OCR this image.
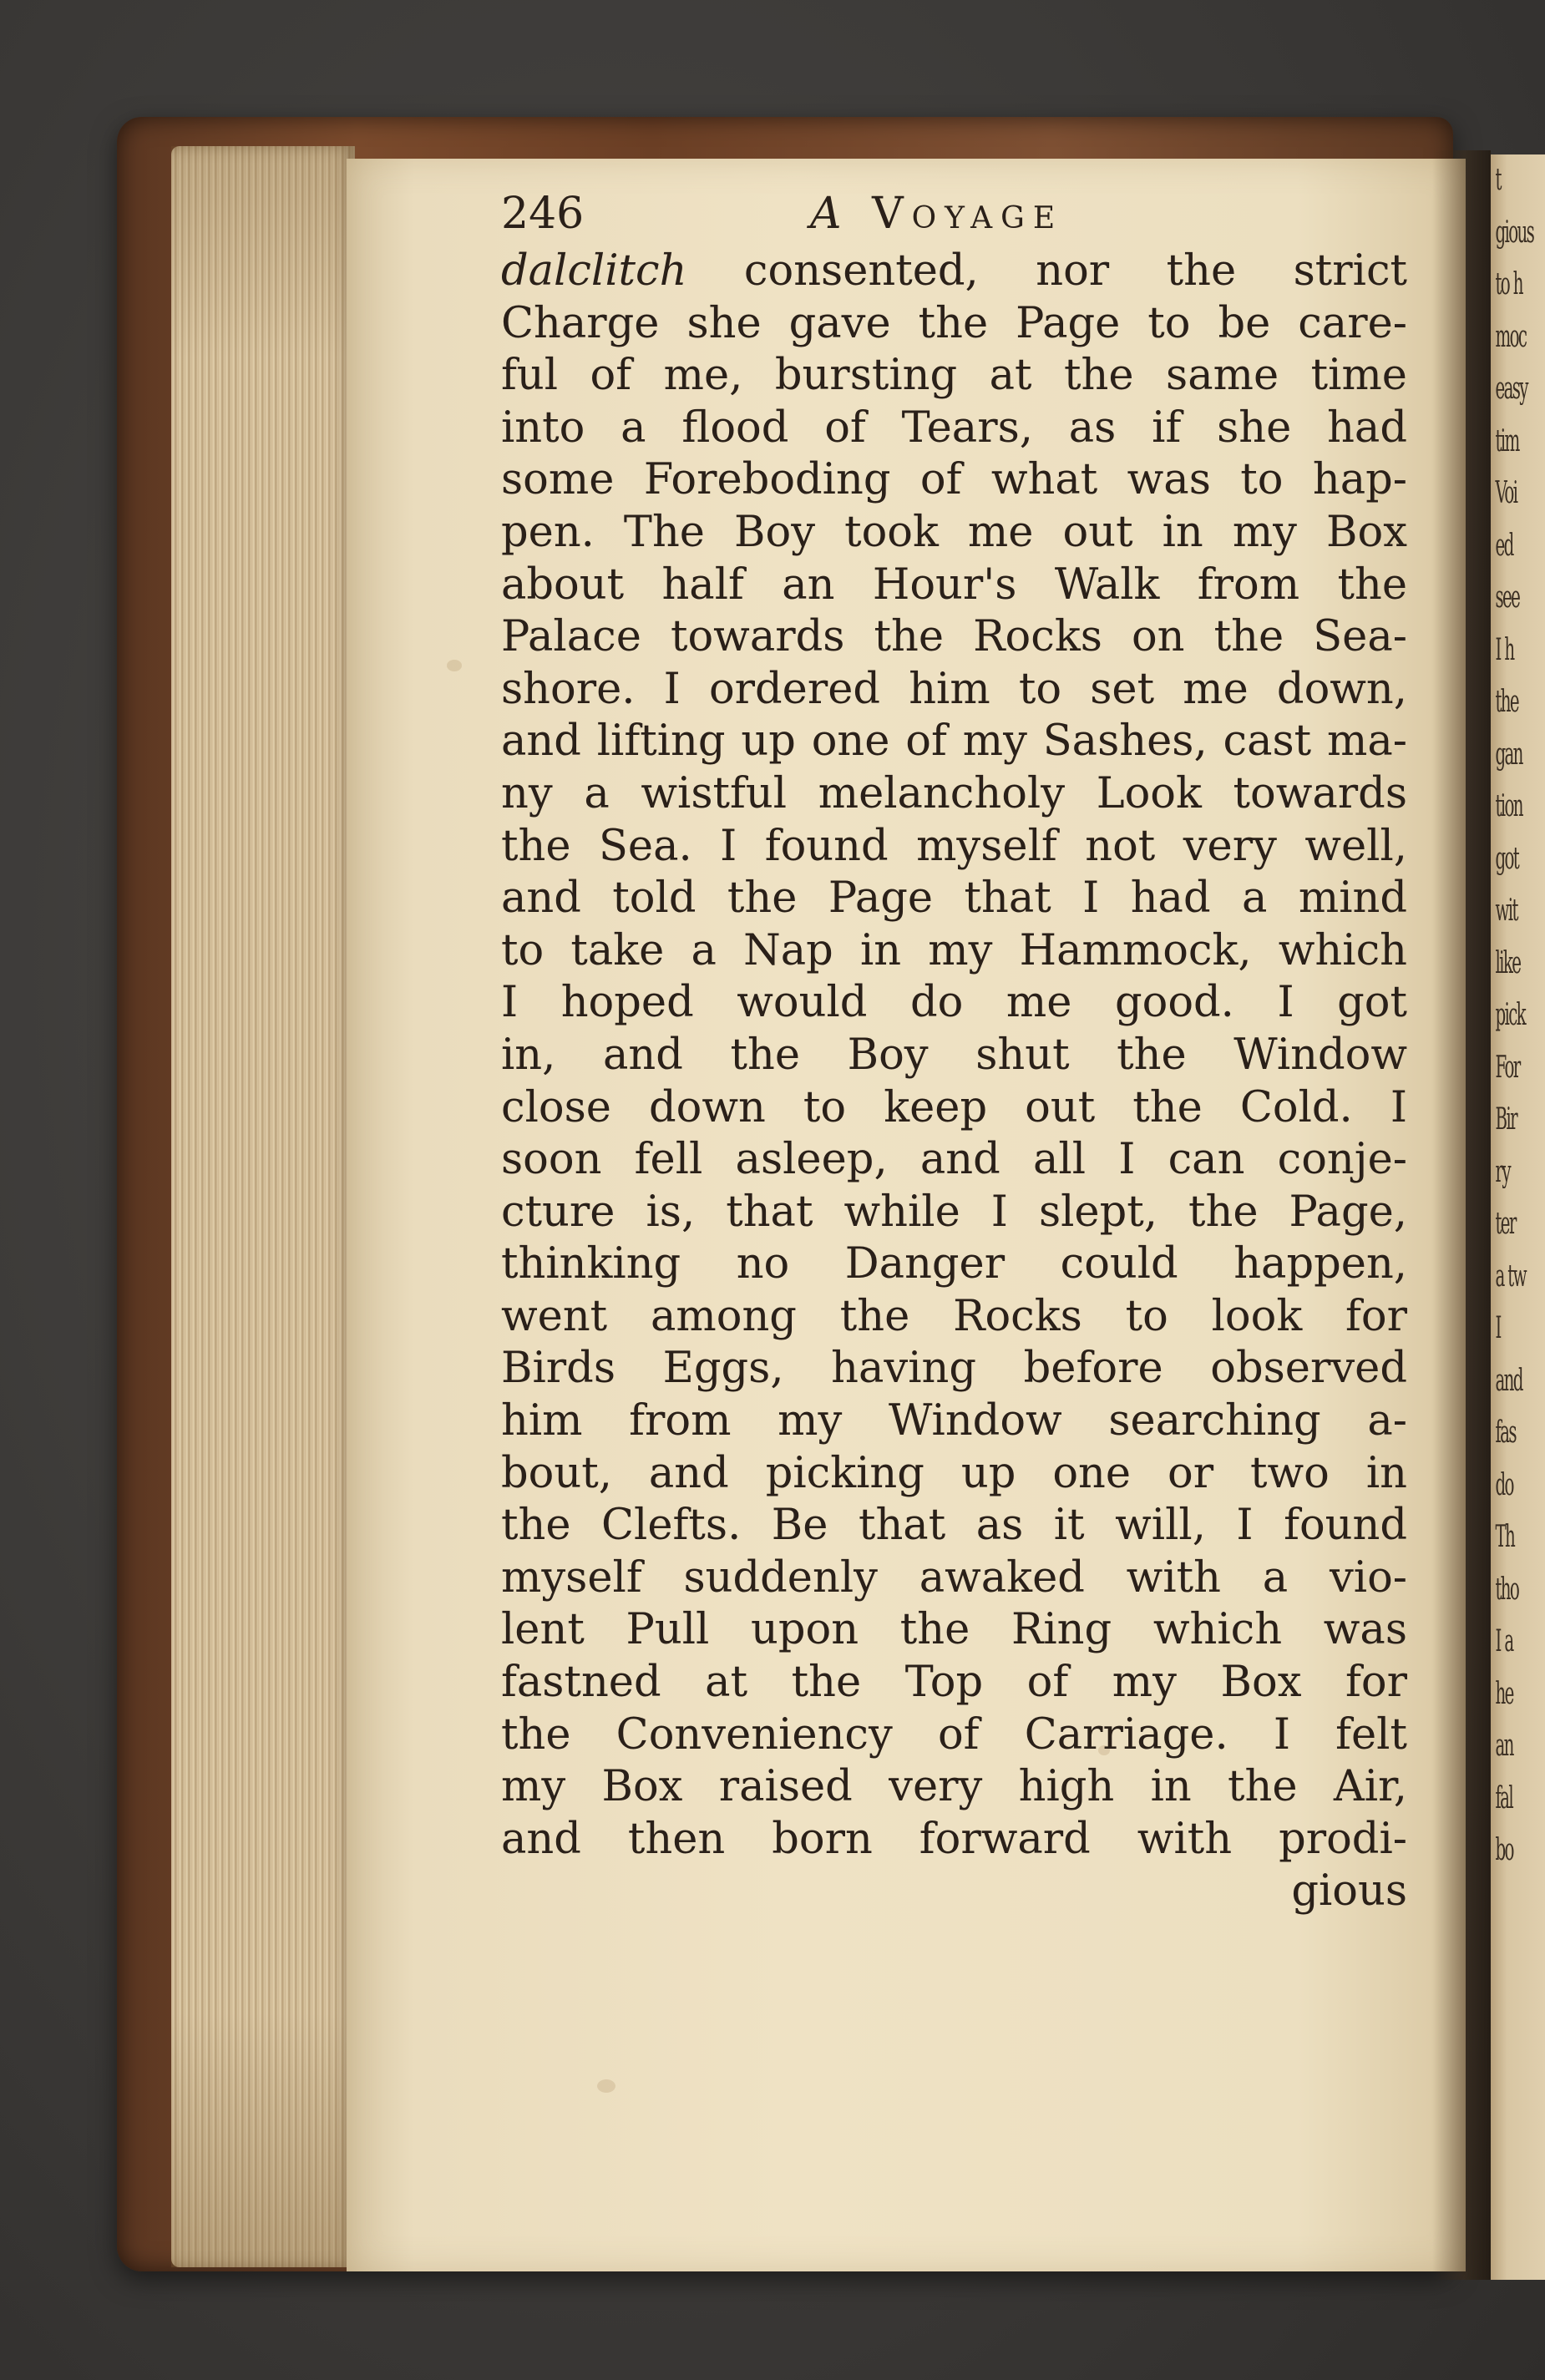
246	A Voyage
dalclitch consented, nor the strict
Charge she gave the Page to be care-
ful of me, bursting at the same time
into a flood of Tears, as if she had
some Foreboding of what was to hap-
pen. The Boy took me out in my Box
about half an Hour's Walk from the
Palace towards the Rocks on the Sea-
shore. I ordered him to set me down,
and lifting up one of my Sashes, cast ma-
ny a wistful melancholy Look towards
the Sea. I found myself not very well,
and told the Page that I had a mind
to take a Nap in my Hammock, which
I hoped would do me good. I got
in, and the Boy shut the Window
close down to keep out the Cold. I
soon fell asleep, and all I can conje-
cture is, that while I slept, the Page,
thinking no Danger could happen,
went among the Rocks to look for
Birds Eggs, having before observed
him from my Window searching a-
bout, and picking up one or two in
the Clefts. Be that as it will, I found
myself suddenly awaked with a vio-
lent Pull upon the Ring which was
fastned at the Top of my Box for
the Conveniency of Carriage. I felt
my Box raised very high in the Air,
and then born forward with prodi-
gious
t
gious
to h
moc
easy
tim
Voi
ed
see
I h
the
gan
tion
got
wit
like
pick
For
Bir
ry
ter
a tw
I
and
fas
do
Th
tho
I a
he
an
fal
bo
